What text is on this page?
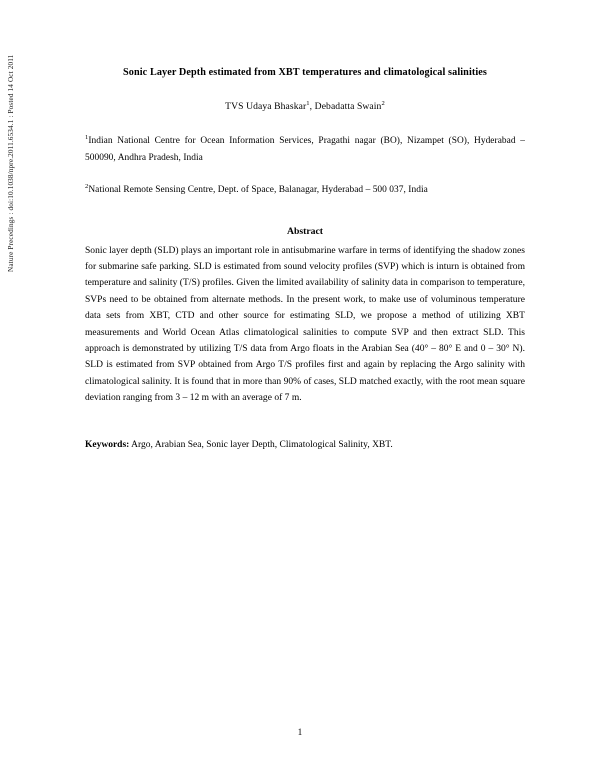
Nature Precedings : doi:10.1038/npre.2011.6534.1 : Posted 14 Oct 2011	Sonic Layer Depth estimated from XBT temperatures and climatological salinities
TVS Udaya Bhaskar$^1$, Debadatta Swain$^2$
$^1$Indian National Centre for Ocean Information Services, Pragathi nagar (BO), Nizampet (SO), Hyderabad – 500090, Andhra Pradesh, India
$^2$National Remote Sensing Centre, Dept. of Space, Balanagar, Hyderabad – 500 037, India
Abstract
Sonic layer depth (SLD) plays an important role in antisubmarine warfare in terms of identifying the shadow zones for submarine safe parking. SLD is estimated from sound velocity profiles (SVP) which is inturn is obtained from temperature and salinity (T/S) profiles. Given the limited availability of salinity data in comparison to temperature, SVPs need to be obtained from alternate methods. In the present work, to make use of voluminous temperature data sets from XBT, CTD and other source for estimating SLD, we propose a method of utilizing XBT measurements and World Ocean Atlas climatological salinities to compute SVP and then extract SLD. This approach is demonstrated by utilizing T/S data from Argo floats in the Arabian Sea (40° – 80° E and 0 – 30° N). SLD is estimated from SVP obtained from Argo T/S profiles first and again by replacing the Argo salinity with climatological salinity. It is found that in more than 90% of cases, SLD matched exactly, with the root mean square deviation ranging from 3 – 12 m with an average of 7 m.
Keywords: Argo, Arabian Sea, Sonic layer Depth, Climatological Salinity, XBT.
1
